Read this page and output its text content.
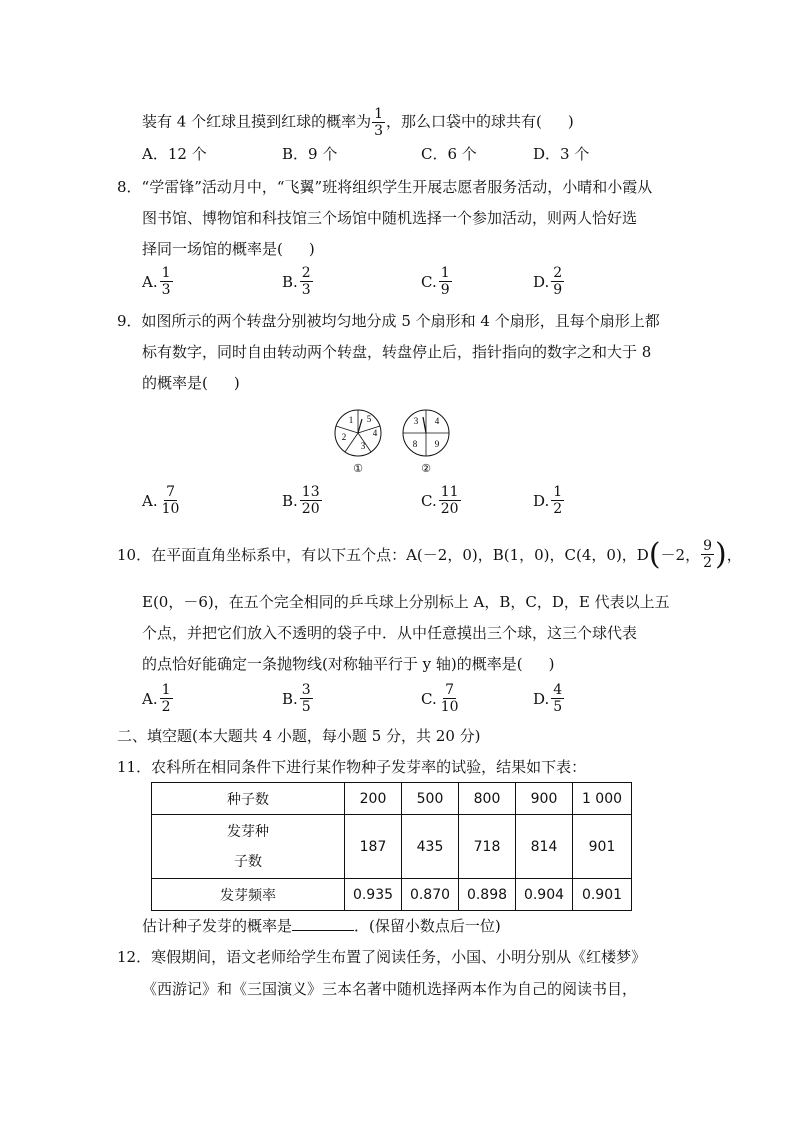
装有 4 个红球且摸到红球的概率为 $\frac{1}{3}$ ，那么口袋中的球共有( )
A．12 个	B．9 个	C．6 个	D．3 个
8．“学雷锋”活动月中，“飞翼”班将组织学生开展志愿者服务活动，小晴和小霞从
图书馆、博物馆和科技馆三个场馆中随机选择一个参加活动，则两人恰好选
择同一场馆的概率是( )
A. $\frac{1}{3}$	B. $\frac{2}{3}$	C. $\frac{1}{9}$	D. $\frac{2}{9}$
9．如图所示的两个转盘分别被均匀地分成 5 个扇形和 4 个扇形，且每个扇形上都
标有数字，同时自由转动两个转盘，转盘停止后，指针指向的数字之和大于 8
的概率是( )
1 5
4
3
2
①
3 4
9
8
②
A. $\frac{7}{10}$	B. $\frac{13}{20}$	C. $\frac{11}{20}$	D. $\frac{1}{2}$
10．在平面直角坐标系中，有以下五个点：A(－2，0)，B(1，0)，C(4，0)，D ( －2， $\frac{9}{2}$ ) ，
E(0，－6)，在五个完全相同的乒乓球上分别标上 A，B，C，D，E 代表以上五
个点，并把它们放入不透明的袋子中．从中任意摸出三个球，这三个球代表
的点恰好能确定一条抛物线(对称轴平行于 y 轴)的概率是( )
A. $\frac{1}{2}$	B. $\frac{3}{5}$	C. $\frac{7}{10}$	D. $\frac{4}{5}$
二、填空题(本大题共 4 小题，每小题 5 分，共 20 分)
11．农科所在相同条件下进行某作物种子发芽率的试验，结果如下表：
种子数	200	500	800	900	1 000

发芽种
子数	187	435	718	814	901
发芽频率	0.935	0.870	0.898	0.904	0.901
估计种子发芽的概率是	．(保留小数点后一位)
12．寒假期间，语文老师给学生布置了阅读任务，小国、小明分别从《红楼梦》
《西游记》和《三国演义》三本名著中随机选择两本作为自己的阅读书目，
